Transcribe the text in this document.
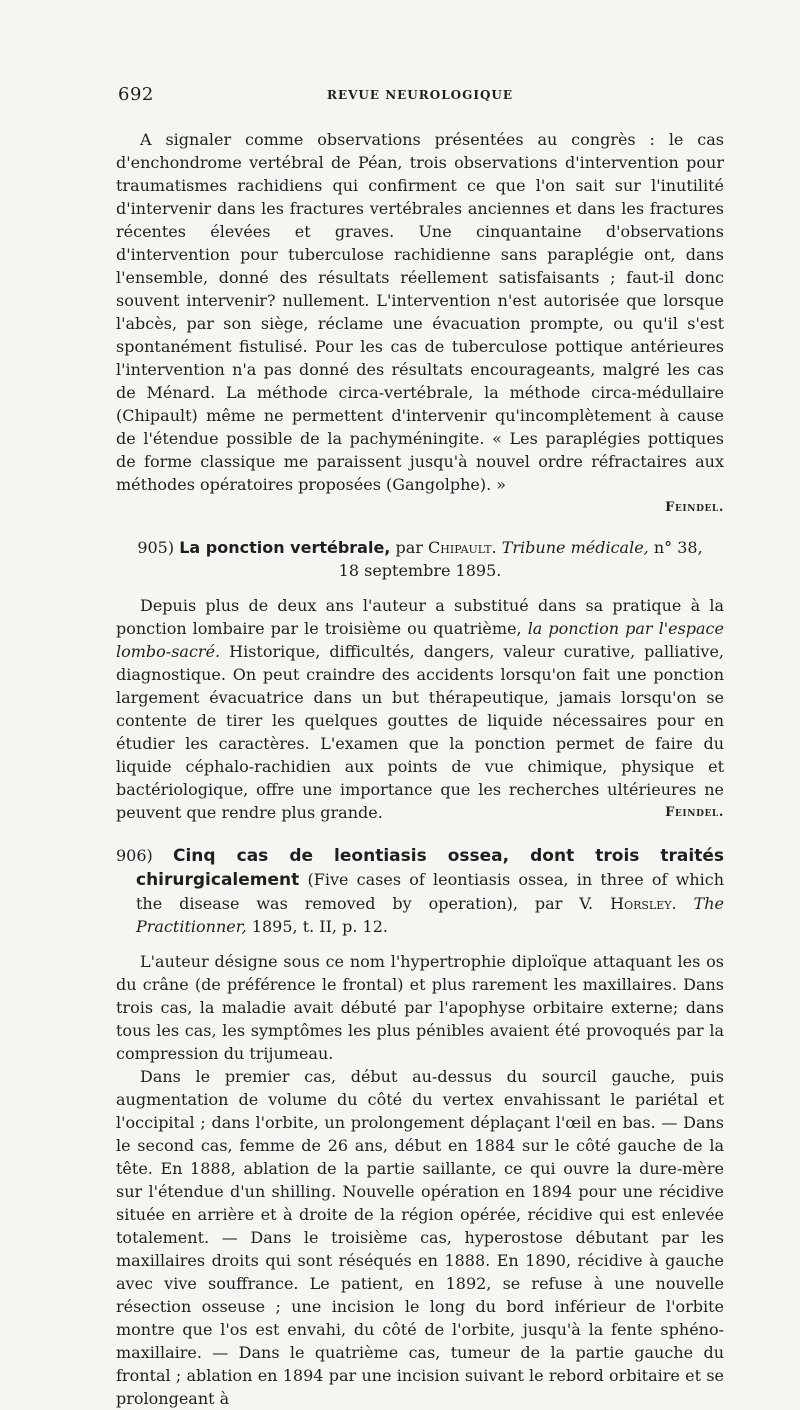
692	REVUE NEUROLOGIQUE

A signaler comme observations présentées au congrès : le cas d'enchondrome vertébral de Péan, trois observations d'intervention pour traumatismes rachidiens qui confirment ce que l'on sait sur l'inutilité d'intervenir dans les fractures vertébrales anciennes et dans les fractures récentes élevées et graves. Une cinquantaine d'observations d'intervention pour tuberculose rachidienne sans paraplégie ont, dans l'ensemble, donné des résultats réellement satisfaisants ; faut-il donc souvent intervenir? nullement. L'intervention n'est autorisée que lorsque l'abcès, par son siège, réclame une évacuation prompte, ou qu'il s'est spontanément fistulisé. Pour les cas de tuberculose pottique antérieures l'intervention n'a pas donné des résultats encourageants, malgré les cas de Ménard. La méthode circa-vertébrale, la méthode circa-médullaire (Chipault) même ne permettent d'intervenir qu'incomplètement à cause de l'étendue possible de la pachyméningite. « Les paraplégies pottiques de forme classique me paraissent jusqu'à nouvel ordre réfractaires aux méthodes opératoires proposées (Gangolphe). »

Feindel.
905) La ponction vertébrale, par Chipault. Tribune médicale, n° 38,
18 septembre 1895.

Depuis plus de deux ans l'auteur a substitué dans sa pratique à la ponction lombaire par le troisième ou quatrième, la ponction par l'espace lombo-sacré. Historique, difficultés, dangers, valeur curative, palliative, diagnostique. On peut craindre des accidents lorsqu'on fait une ponction largement évacuatrice dans un but thérapeutique, jamais lorsqu'on se contente de tirer les quelques gouttes de liquide nécessaires pour en étudier les caractères. L'examen que la ponction permet de faire du liquide céphalo-rachidien aux points de vue chimique, physique et bactériologique, offre une importance que les recherches ultérieures ne peuvent que rendre plus grande.	Feindel.

906) Cinq cas de leontiasis ossea, dont trois traités chirurgicalement (Five cases of leontiasis ossea, in three of which the disease was removed by operation), par V. Horsley. The Practitionner, 1895, t. II, p. 12.

L'auteur désigne sous ce nom l'hypertrophie diploïque attaquant les os du crâne (de préférence le frontal) et plus rarement les maxillaires. Dans trois cas, la maladie avait débuté par l'apophyse orbitaire externe; dans tous les cas, les symptômes les plus pénibles avaient été provoqués par la compression du trijumeau.

Dans le premier cas, début au-dessus du sourcil gauche, puis augmentation de volume du côté du vertex envahissant le pariétal et l'occipital ; dans l'orbite, un prolongement déplaçant l'œil en bas. — Dans le second cas, femme de 26 ans, début en 1884 sur le côté gauche de la tête. En 1888, ablation de la partie saillante, ce qui ouvre la dure-mère sur l'étendue d'un shilling. Nouvelle opération en 1894 pour une récidive située en arrière et à droite de la région opérée, récidive qui est enlevée totalement. — Dans le troisième cas, hyperostose débutant par les maxillaires droits qui sont réséqués en 1888. En 1890, récidive à gauche avec vive souffrance. Le patient, en 1892, se refuse à une nouvelle résection osseuse ; une incision le long du bord inférieur de l'orbite montre que l'os est envahi, du côté de l'orbite, jusqu'à la fente sphéno-maxillaire. — Dans le quatrième cas, tumeur de la partie gauche du frontal ; ablation en 1894 par une incision suivant le rebord orbitaire et se prolongeant à
